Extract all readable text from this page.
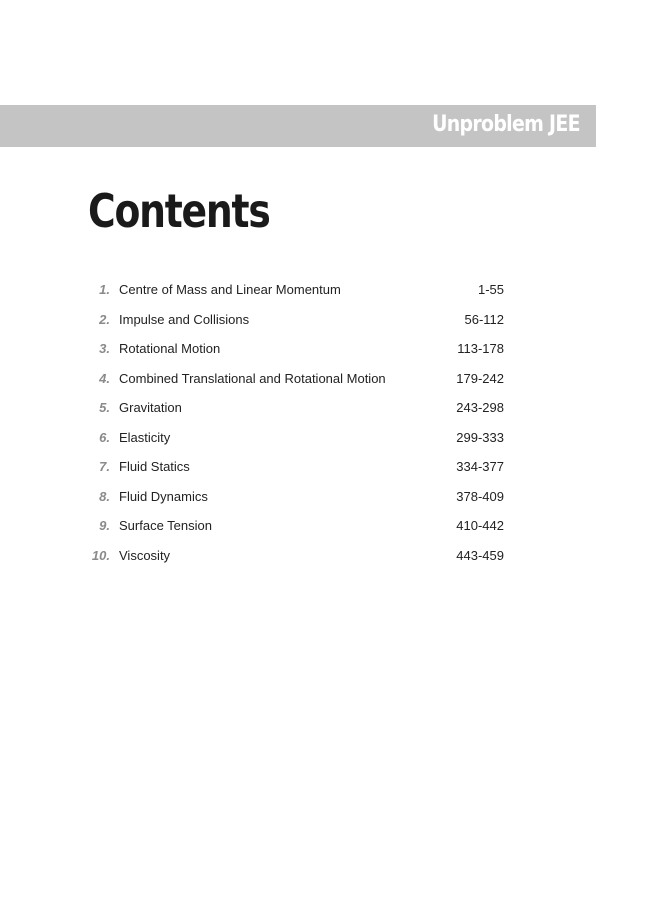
Unproblem JEE
Contents
1. Centre of Mass and Linear Momentum	1-55
2. Impulse and Collisions	56-112
3. Rotational Motion	113-178
4. Combined Translational and Rotational Motion	179-242
5. Gravitation	243-298
6. Elasticity	299-333
7. Fluid Statics	334-377
8. Fluid Dynamics	378-409
9. Surface Tension	410-442
10. Viscosity	443-459
